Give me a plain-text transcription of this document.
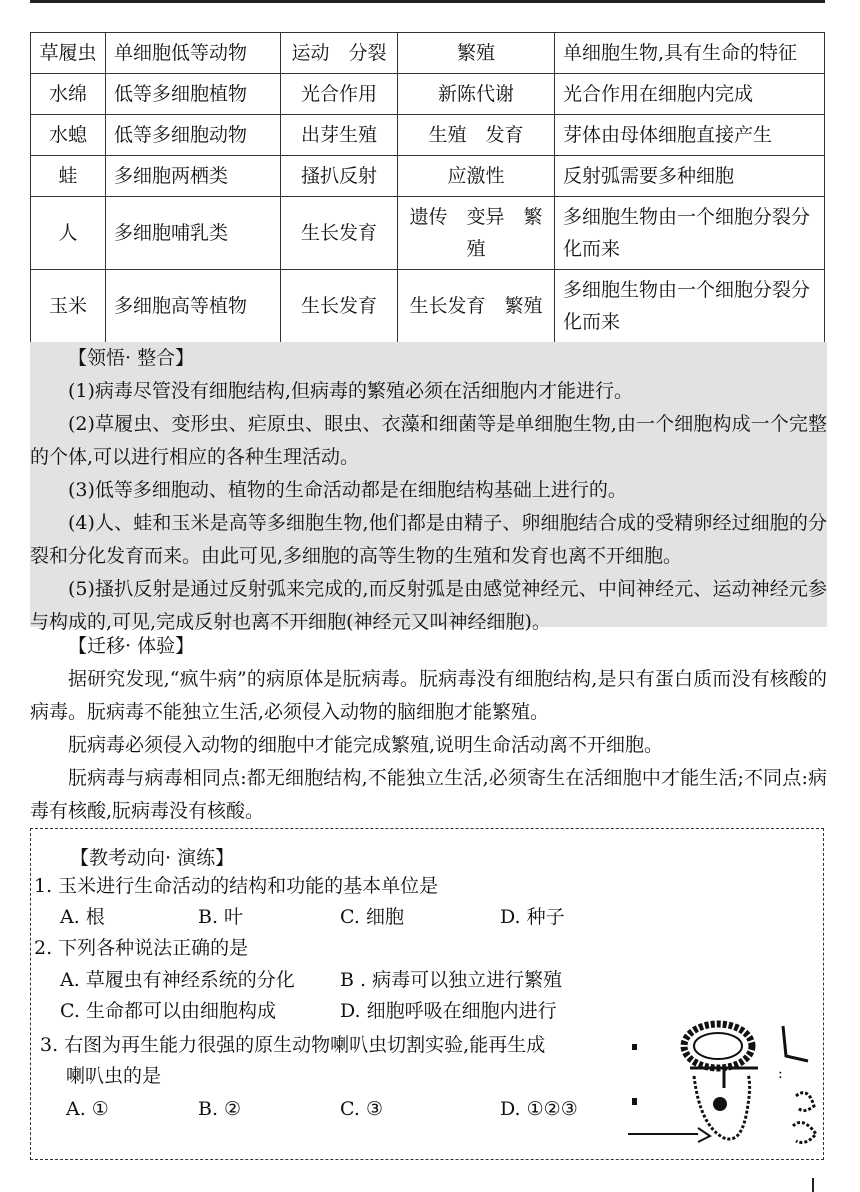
草履虫	单细胞低等动物	运动　分裂	繁殖	单细胞生物,具有生命的特征
水绵	低等多细胞植物	光合作用	新陈代谢	光合作用在细胞内完成
水螅	低等多细胞动物	出芽生殖	生殖　发育	芽体由母体细胞直接产生
蛙	多细胞两栖类	搔扒反射	应激性	反射弧需要多种细胞
人	多细胞哺乳类	生长发育	遗传　变异　繁殖	多细胞生物由一个细胞分裂分化而来
玉米	多细胞高等植物	生长发育	生长发育　繁殖	多细胞生物由一个细胞分裂分化而来

【领悟· 整合】

(1)病毒尽管没有细胞结构,但病毒的繁殖必须在活细胞内才能进行。

(2)草履虫、变形虫、疟原虫、眼虫、衣藻和细菌等是单细胞生物,由一个细胞构成一个完整的个体,可以进行相应的各种生理活动。

(3)低等多细胞动、植物的生命活动都是在细胞结构基础上进行的。

(4)人、蛙和玉米是高等多细胞生物,他们都是由精子、卵细胞结合成的受精卵经过细胞的分裂和分化发育而来。由此可见,多细胞的高等生物的生殖和发育也离不开细胞。

(5)搔扒反射是通过反射弧来完成的,而反射弧是由感觉神经元、中间神经元、运动神经元参与构成的,可见,完成反射也离不开细胞(神经元又叫神经细胞)。

【迁移· 体验】

据研究发现,“疯牛病”的病原体是朊病毒。朊病毒没有细胞结构,是只有蛋白质而没有核酸的病毒。朊病毒不能独立生活,必须侵入动物的脑细胞才能繁殖。

朊病毒必须侵入动物的细胞中才能完成繁殖,说明生命活动离不开细胞。

朊病毒与病毒相同点:都无细胞结构,不能独立生活,必须寄生在活细胞中才能生活;不同点:病毒有核酸,朊病毒没有核酸。

【教考动向· 演练】
1. 玉米进行生命活动的结构和功能的基本单位是
A. 根	B. 叶	C. 细胞	D. 种子
2. 下列各种说法正确的是
A. 草履虫有神经系统的分化 B . 病毒可以独立进行繁殖
C. 生命都可以由细胞构成	D. 细胞呼吸在细胞内进行
3. 右图为再生能力很强的原生动物喇叭虫切割实验,能再生成
喇叭虫的是
A. ①	B. ②	C. ③	D. ①②③
:
